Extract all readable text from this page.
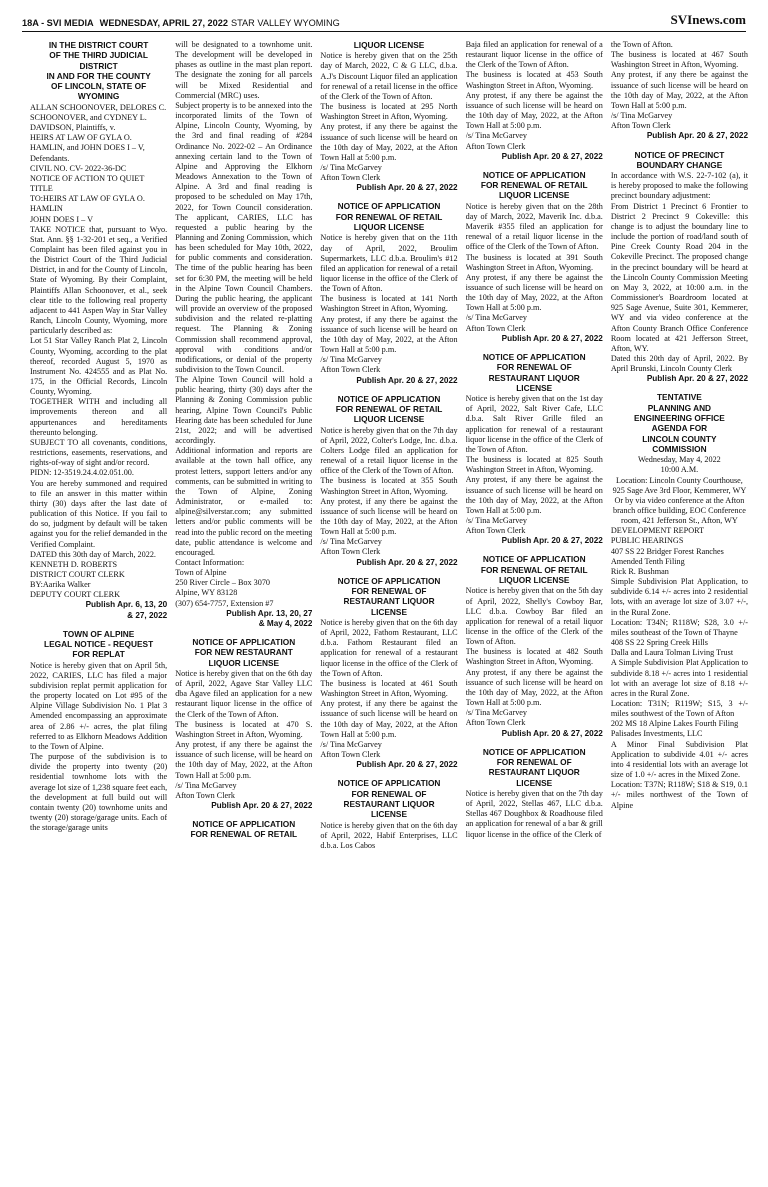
18A - SVI MEDIA WEDNESDAY, APRIL 27, 2022 STAR VALLEY WYOMING	SVInews.com
IN THE DISTRICT COURT
OF THE THIRD JUDICIAL
DISTRICT
IN AND FOR THE COUNTY
OF LINCOLN, STATE OF
WYOMING

ALLAN SCHOONOVER, DELORES C. SCHOONOVER, and CYDNEY L. DAVIDSON, Plaintiffs, v.

HEIRS AT LAW OF GYLA O. HAMLIN, and JOHN DOES I – V, Defendants.

CIVIL NO. CV- 2022-36-DC

NOTICE OF ACTION TO QUIET TITLE

TO:HEIRS AT LAW OF GYLA O. HAMLIN

JOHN DOES I – V

TAKE NOTICE that, pursuant to Wyo. Stat. Ann. §§ 1-32-201 et seq., a Verified Complaint has been filed against you in the District Court of the Third Judicial District, in and for the County of Lincoln, State of Wyoming. By their Complaint, Plaintiffs Allan Schoonover, et al., seek clear title to the following real property adjacent to 441 Aspen Way in Star Valley Ranch, Lincoln County, Wyoming, more particularly described as:

Lot 51 Star Valley Ranch Plat 2, Lincoln County, Wyoming, according to the plat thereof, recorded August 5, 1970 as Instrument No. 424555 and as Plat No. 175, in the Official Records, Lincoln County, Wyoming.

TOGETHER WITH and including all improvements thereon and all appurtenances and hereditaments thereunto belonging.

SUBJECT TO all covenants, conditions, restrictions, easements, reservations, and rights-of-way of sight and/or record.

PIDN: 12-3519.24.4.02.051.00.

You are hereby summoned and required to file an answer in this matter within thirty (30) days after the last date of publication of this Notice. If you fail to do so, judgment by default will be taken against you for the relief demanded in the Verified Complaint.

DATED this 30th day of March, 2022.

KENNETH D. ROBERTS

DISTRICT COURT CLERK

BY:Aarika Walker

DEPUTY COURT CLERK

Publish Apr. 6, 13, 20
& 27, 2022
TOWN OF ALPINE
LEGAL NOTICE - REQUEST
FOR REPLAT

Notice is hereby given that on April 5th, 2022, CARIES, LLC has filed a major subdivision replat permit application for the property located on Lot #95 of the Alpine Village Subdivision No. 1 Plat 3 Amended encompassing an approximate area of 2.86 +/- acres, the plat filing referred to as Elkhorn Meadows Addition to the Town of Alpine.

The purpose of the subdivision is to divide the property into twenty (20) residential townhome lots with the average lot size of 1,238 square feet each, the development at full build out will contain twenty (20) townhome units and twenty (20) storage/garage units. Each of the storage/garage units

will be designated to a townhome unit. The development will be developed in phases as outline in the mast plan report. The designate the zoning for all parcels will be Mixed Residential and Commercial (MRC) uses.

Subject property is to be annexed into the incorporated limits of the Town of Alpine, Lincoln County, Wyoming, by the 3rd and final reading of #284 Ordinance No. 2022-02 – An Ordinance annexing certain land to the Town of Alpine and Approving the Elkhorn Meadows Annexation to the Town of Alpine. A 3rd and final reading is proposed to be scheduled on May 17th, 2022, for Town Council consideration. The applicant, CARIES, LLC has requested a public hearing by the Planning and Zoning Commission, which has been scheduled for May 10th, 2022, for public comments and consideration. The time of the public hearing has been set for 6:30 PM, the meeting will be held in the Alpine Town Council Chambers. During the public hearing, the applicant will provide an overview of the proposed subdivision and the related re-platting request. The Planning & Zoning Commission shall recommend approval, approval with conditions and/or modifications, or denial of the property subdivision to the Town Council.

The Alpine Town Council will hold a public hearing, thirty (30) days after the Planning & Zoning Commission public hearing, Alpine Town Council's Public Hearing date has been scheduled for June 21st, 2022; and will be advertised accordingly.

Additional information and reports are available at the town hall office, any protest letters, support letters and/or any comments, can be submitted in writing to the Town of Alpine, Zoning Administrator, or e-mailed to: alpine@silverstar.com; any submitted letters and/or public comments will be read into the public record on the meeting date, public attendance is welcome and encouraged.

Contact Information:

Town of Alpine

250 River Circle – Box 3070

Alpine, WY 83128

(307) 654-7757, Extension #7

Publish Apr. 13, 20, 27
& May 4, 2022
NOTICE OF APPLICATION
FOR NEW RESTAURANT
LIQUOR LICENSE

Notice is hereby given that on the 6th day of April, 2022, Agave Star Valley LLC dba Agave filed an application for a new restaurant liquor license in the office of the Clerk of the Town of Afton.

The business is located at 470 S. Washington Street in Afton, Wyoming.

Any protest, if any there be against the issuance of such license, will be heard on the 10th day of May, 2022, at the Afton Town Hall at 5:00 p.m.

/s/ Tina McGarvey

Afton Town Clerk

Publish Apr. 20 & 27, 2022
NOTICE OF APPLICATION
FOR RENEWAL OF RETAIL
LIQUOR LICENSE

Notice is hereby given that on the 25th day of March, 2022, C & G LLC, d.b.a. A.J's Discount Liquor filed an application for renewal of a retail license in the office of the Clerk of the Town of Afton.

The business is located at 295 North Washington Street in Afton, Wyoming.

Any protest, if any there be against the issuance of such license will be heard on the 10th day of May, 2022, at the Afton Town Hall at 5:00 p.m.

/s/ Tina McGarvey

Afton Town Clerk

Publish Apr. 20 & 27, 2022
NOTICE OF APPLICATION
FOR RENEWAL OF RETAIL
LIQUOR LICENSE

Notice is hereby given that on the 11th day of April, 2022, Broulim Supermarkets, LLC d.b.a. Broulim's #12 filed an application for renewal of a retail liquor license in the office of the Clerk of the Town of Afton.

The business is located at 141 North Washington Street in Afton, Wyoming.

Any protest, if any there be against the issuance of such license will be heard on the 10th day of May, 2022, at the Afton Town Hall at 5:00 p.m.

/s/ Tina McGarvey

Afton Town Clerk

Publish Apr. 20 & 27, 2022
NOTICE OF APPLICATION
FOR RENEWAL OF RETAIL
LIQUOR LICENSE

Notice is hereby given that on the 7th day of April, 2022, Colter's Lodge, Inc. d.b.a. Colters Lodge filed an application for renewal of a retail liquor license in the office of the Clerk of the Town of Afton.

The business is located at 355 South Washington Street in Afton, Wyoming.

Any protest, if any there be against the issuance of such license will be heard on the 10th day of May, 2022, at the Afton Town Hall at 5:00 p.m.

/s/ Tina McGarvey

Afton Town Clerk

Publish Apr. 20 & 27, 2022
NOTICE OF APPLICATION
FOR RENEWAL OF
RESTAURANT LIQUOR
LICENSE

Notice is hereby given that on the 6th day of April, 2022, Fathom Restaurant, LLC d.b.a. Fathom Restaurant filed an application for renewal of a restaurant liquor license in the office of the Clerk of the Town of Afton.

The business is located at 461 South Washington Street in Afton, Wyoming.

Any protest, if any there be against the issuance of such license will be heard on the 10th day of May, 2022, at the Afton Town Hall at 5:00 p.m.

/s/ Tina McGarvey

Afton Town Clerk

Publish Apr. 20 & 27, 2022
NOTICE OF APPLICATION
FOR RENEWAL OF
RESTAURANT LIQUOR
LICENSE

Notice is hereby given that on the 6th day of April, 2022, Habif Enterprises, LLC d.b.a. Los Cabos

Baja filed an application for renewal of a restaurant liquor license in the office of the Clerk of the Town of Afton.

The business is located at 453 South Washington Street in Afton, Wyoming.

Any protest, if any there be against the issuance of such license will be heard on the 10th day of May, 2022, at the Afton Town Hall at 5:00 p.m.

/s/ Tina McGarvey

Afton Town Clerk

Publish Apr. 20 & 27, 2022
NOTICE OF APPLICATION
FOR RENEWAL OF RETAIL
LIQUOR LICENSE

Notice is hereby given that on the 28th day of March, 2022, Maverik Inc. d.b.a. Maverik #355 filed an application for renewal of a retail liquor license in the office of the Clerk of the Town of Afton.

The business is located at 391 South Washington Street in Afton, Wyoming.

Any protest, if any there be against the issuance of such license will be heard on the 10th day of May, 2022, at the Afton Town Hall at 5:00 p.m.

/s/ Tina McGarvey

Afton Town Clerk

Publish Apr. 20 & 27, 2022
NOTICE OF APPLICATION
FOR RENEWAL OF
RESTAURANT LIQUOR
LICENSE

Notice is hereby given that on the 1st day of April, 2022, Salt River Cafe, LLC d.b.a. Salt River Grille filed an application for renewal of a restaurant liquor license in the office of the Clerk of the Town of Afton.

The business is located at 825 South Washington Street in Afton, Wyoming.

Any protest, if any there be against the issuance of such license will be heard on the 10th day of May, 2022, at the Afton Town Hall at 5:00 p.m.

/s/ Tina McGarvey

Afton Town Clerk

Publish Apr. 20 & 27, 2022
NOTICE OF APPLICATION
FOR RENEWAL OF RETAIL
LIQUOR LICENSE

Notice is hereby given that on the 5th day of April, 2022, Shelly's Cowboy Bar, LLC d.b.a. Cowboy Bar filed an application for renewal of a retail liquor license in the office of the Clerk of the Town of Afton.

The business is located at 482 South Washington Street in Afton, Wyoming.

Any protest, if any there be against the issuance of such license will be heard on the 10th day of May, 2022, at the Afton Town Hall at 5:00 p.m.

/s/ Tina McGarvey

Afton Town Clerk

Publish Apr. 20 & 27, 2022
NOTICE OF APPLICATION
FOR RENEWAL OF
RESTAURANT LIQUOR
LICENSE

Notice is hereby given that on the 7th day of April, 2022, Stellas 467, LLC d.b.a. Stellas 467 Doughbox & Roadhouse filed an application for renewal of a bar & grill liquor license in the office of the Clerk of

the Town of Afton.

The business is located at 467 South Washington Street in Afton, Wyoming.

Any protest, if any there be against the issuance of such license will be heard on the 10th day of May, 2022, at the Afton Town Hall at 5:00 p.m.

/s/ Tina McGarvey

Afton Town Clerk

Publish Apr. 20 & 27, 2022
NOTICE OF PRECINCT
BOUNDARY CHANGE

In accordance with W.S. 22-7-102 (a), it is hereby proposed to make the following precinct boundary adjustment:

From District 1 Precinct 6 Frontier to District 2 Precinct 9 Cokeville: this change is to adjust the boundary line to include the portion of road/land south of Pine Creek County Road 204 in the Cokeville Precinct. The proposed change in the precinct boundary will be heard at the Lincoln County Commission Meeting on May 3, 2022, at 10:00 a.m. in the Commissioner's Boardroom located at 925 Sage Avenue, Suite 301, Kemmerer, WY and via video conference at the Afton County Branch Office Conference Room located at 421 Jefferson Street, Afton, WY.

Dated this 20th day of April, 2022. By April Brunski, Lincoln County Clerk

Publish Apr. 20 & 27, 2022
TENTATIVE
PLANNING AND
ENGINEERING OFFICE
AGENDA FOR
LINCOLN COUNTY
COMMISSION

Wednesday, May 4, 2022

10:00 A.M.

Location: Lincoln County Courthouse, 925 Sage Ave 3rd Floor, Kemmerer, WY

Or by via video conference at the Afton branch office building, EOC Conference room, 421 Jefferson St., Afton, WY

DEVELOPMENT REPORT

PUBLIC HEARINGS

407 SS 22 Bridger Forest Ranches Amended Tenth Filing

Rick R. Bushman

Simple Subdivision Plat Application, to subdivide 6.14 +/- acres into 2 residential lots, with an average lot size of 3.07 +/-, in the Rural Zone.

Location: T34N; R118W; S28, 3.0 +/- miles southeast of the Town of Thayne

408 SS 22 Spring Creek Hills

Dalla and Laura Tolman Living Trust

A Simple Subdivision Plat Application to subdivide 8.18 +/- acres into 1 residential lot with an average lot size of 8.18 +/- acres in the Rural Zone.

Location: T31N; R119W; S15, 3 +/- miles southwest of the Town of Afton

202 MS 18 Alpine Lakes Fourth Filing

Palisades Investments, LLC

A Minor Final Subdivision Plat Application to subdivide 4.01 +/- acres into 4 residential lots with an average lot size of 1.0 +/- acres in the Mixed Zone.

Location: T37N; R118W; S18 & S19, 0.1 +/- miles northwest of the Town of Alpine
